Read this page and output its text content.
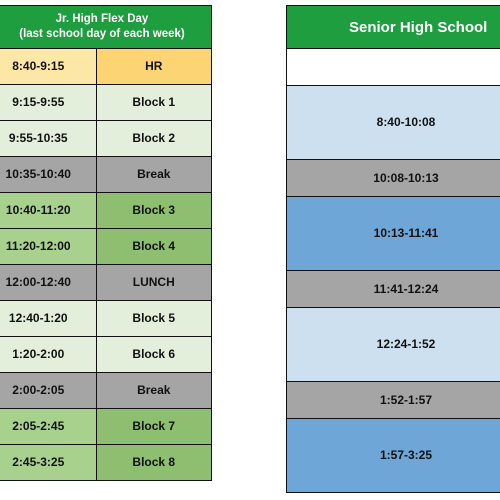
Jr. High Flex Day
(last school day of each week)	

8:40-9:15	HR
9:15-9:55	Block 1
9:55-10:35	Block 2
10:35-10:40	Break
10:40-11:20	Block 3
11:20-12:00	Block 4
12:00-12:40	LUNCH
12:40-1:20	Block 5
1:20-2:00	Block 6
2:00-2:05	Break
2:05-2:45	Block 7
2:45-3:25	Block 8
Senior High School

8:40-10:08
10:08-10:13
10:13-11:41
11:41-12:24
12:24-1:52
1:52-1:57
1:57-3:25
